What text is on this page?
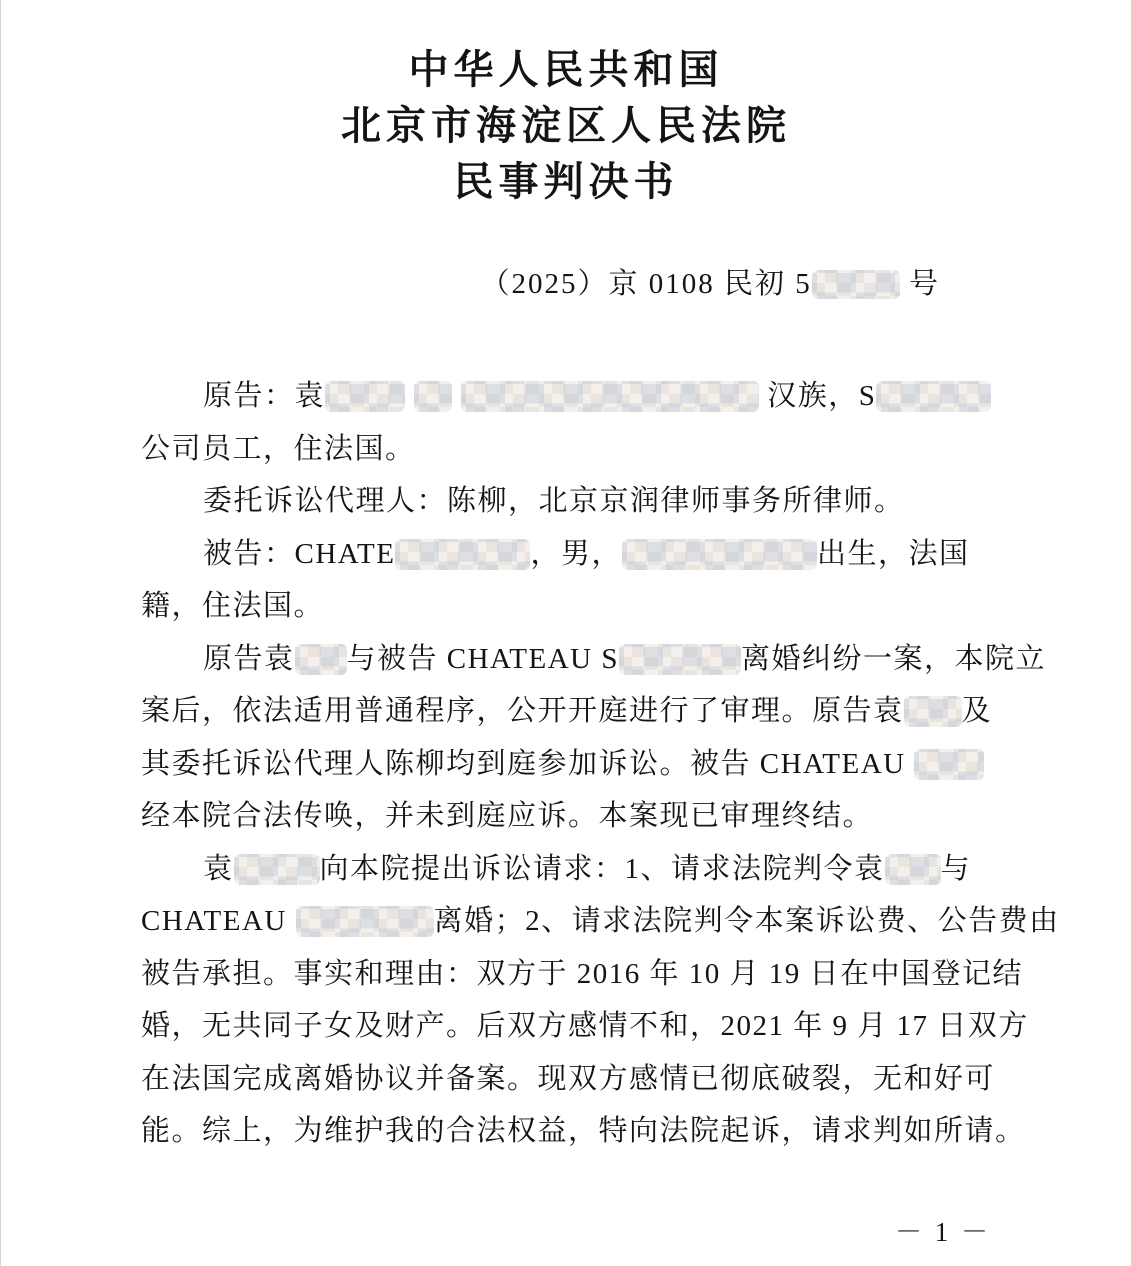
中华人民共和国
北京市海淀区人民法院
民事判决书
（2025）京 0108 民初 5	号
原告：袁	汉族，S
公司员工，住法国。
委托诉讼代理人：陈柳，北京京润律师事务所律师。
被告：CHATE	，男，	出生，法国
籍，住法国。
原告袁 与被告 CHATEAU S	离婚纠纷一案，本院立
案后，依法适用普通程序，公开开庭进行了审理。原告袁 及
其委托诉讼代理人陈柳均到庭参加诉讼。被告 CHATEAU
经本院合法传唤，并未到庭应诉。本案现已审理终结。
袁	向本院提出诉讼请求：1、请求法院判令袁 与
CHATEAU	离婚；2、请求法院判令本案诉讼费、公告费由
被告承担。事实和理由：双方于 2016 年 10 月 19 日在中国登记结
婚，无共同子女及财产。后双方感情不和，2021 年 9 月 17 日双方
在法国完成离婚协议并备案。现双方感情已彻底破裂，无和好可
能。综上，为维护我的合法权益，特向法院起诉，请求判如所请。
－ 1 －
